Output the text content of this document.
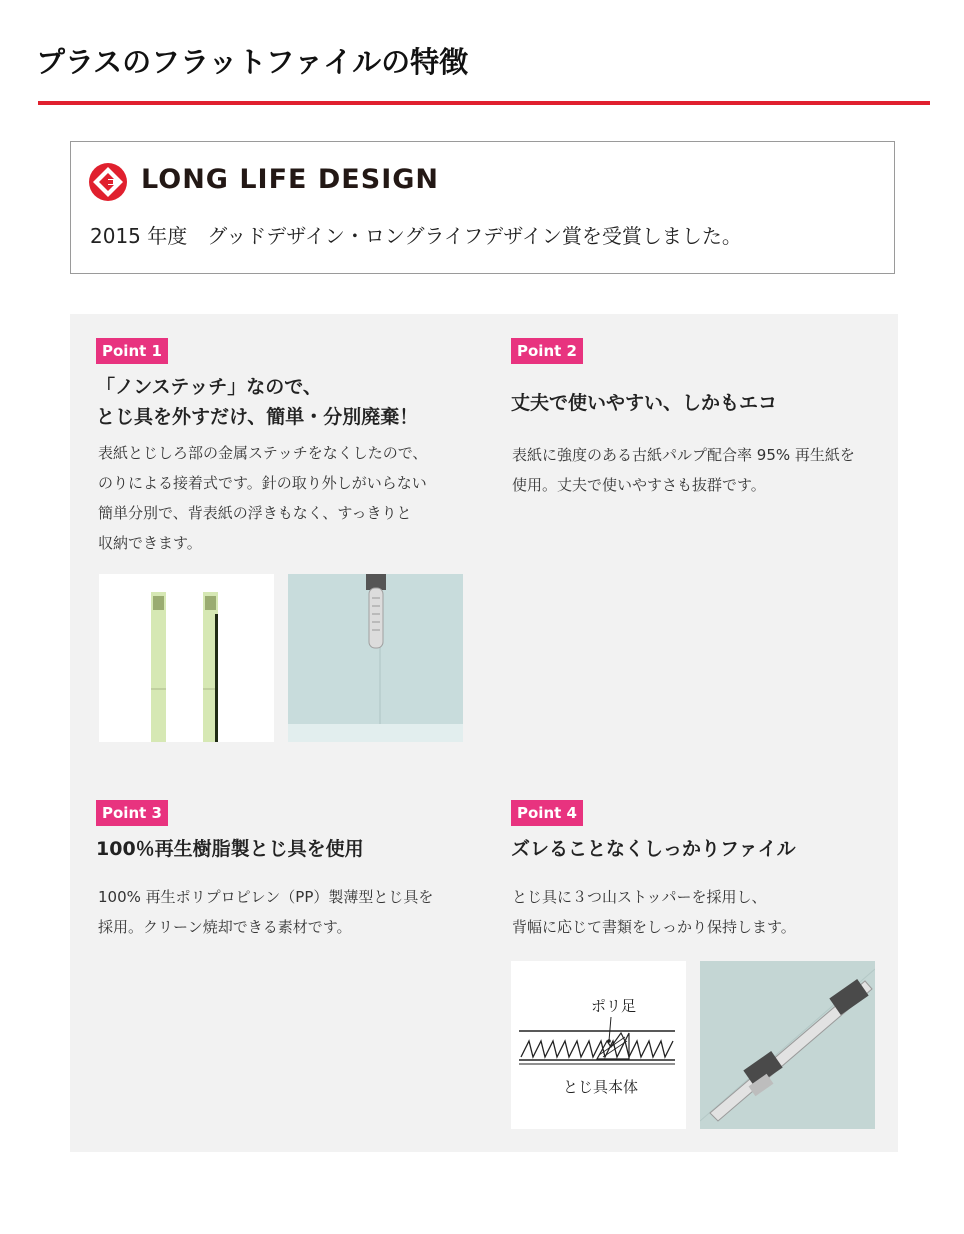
プラスのフラットファイルの特徴
LONG LIFE DESIGN
2015 年度　グッドデザイン・ロングライフデザイン賞を受賞しました。
Point 1
「ノンステッチ」なので、
とじ具を外すだけ、簡単・分別廃棄！
表紙とじしろ部の金属ステッチをなくしたので、
のりによる接着式です。針の取り外しがいらない
簡単分別で、背表紙の浮きもなく、すっきりと
収納できます。
Point 2
丈夫で使いやすい、しかもエコ
表紙に強度のある古紙パルプ配合率 95% 再生紙を
使用。丈夫で使いやすさも抜群です。
Point 3
100％再生樹脂製とじ具を使用
100% 再生ポリプロピレン（PP）製薄型とじ具を
採用。クリーン焼却できる素材です。
Point 4
ズレることなくしっかりファイル
とじ具に３つ山ストッパーを採用し、
背幅に応じて書類をしっかり保持します。
ポリ足
とじ具本体
